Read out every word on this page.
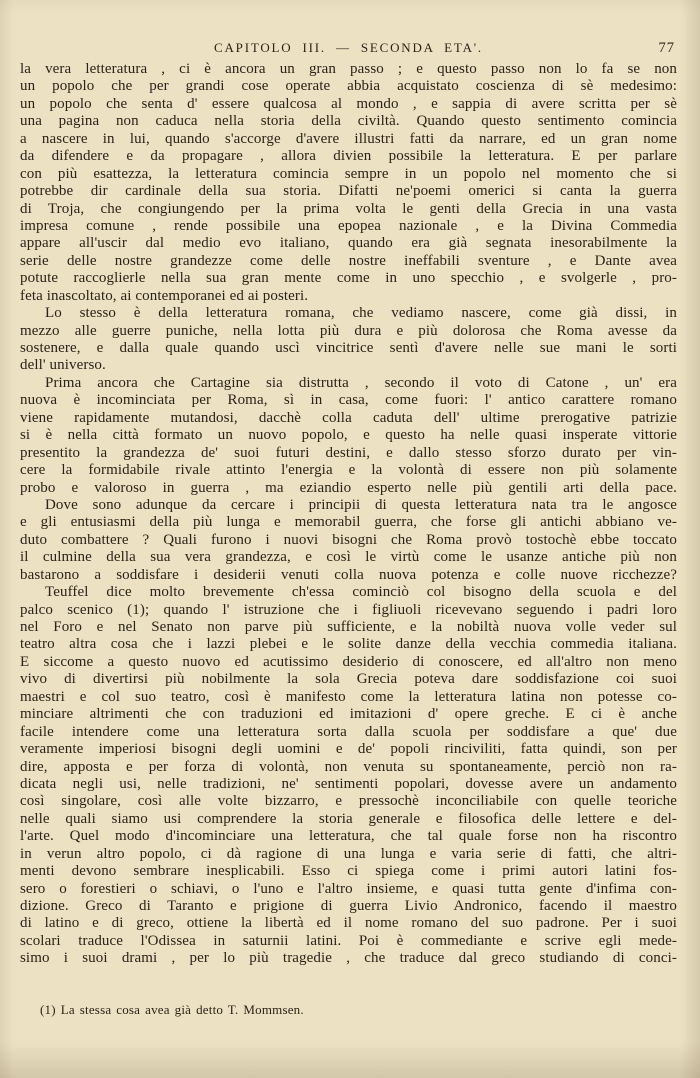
CAPITOLO III. — SECONDA ETA'.	77
la vera letteratura , ci è ancora un gran passo ; e questo passo non lo fa se non
un popolo che per grandi cose operate abbia acquistato coscienza di sè medesimo:
un popolo che senta d' essere qualcosa al mondo , e sappia di avere scritta per sè
una pagina non caduca nella storia della civiltà. Quando questo sentimento comincia
a nascere in lui, quando s'accorge d'avere illustri fatti da narrare, ed un gran nome
da difendere e da propagare , allora divien possibile la letteratura. E per parlare
con più esattezza, la letteratura comincia sempre in un popolo nel momento che si
potrebbe dir cardinale della sua storia. Difatti ne'poemi omerici si canta la guerra
di Troja, che congiungendo per la prima volta le genti della Grecia in una vasta
impresa comune , rende possibile una epopea nazionale , e la Divina Commedia
appare all'uscir dal medio evo italiano, quando era già segnata inesorabilmente la
serie delle nostre grandezze come delle nostre ineffabili sventure , e Dante avea
potute raccoglierle nella sua gran mente come in uno specchio , e svolgerle , pro-
feta inascoltato, ai contemporanei ed ai posteri.
Lo stesso è della letteratura romana, che vediamo nascere, come già dissi, in
mezzo alle guerre puniche, nella lotta più dura e più dolorosa che Roma avesse da
sostenere, e dalla quale quando uscì vincitrice sentì d'avere nelle sue mani le sorti
dell' universo.
Prima ancora che Cartagine sia distrutta , secondo il voto di Catone , un' era
nuova è incominciata per Roma, sì in casa, come fuori: l' antico carattere romano
viene rapidamente mutandosi, dacchè colla caduta dell' ultime prerogative patrizie
si è nella città formato un nuovo popolo, e questo ha nelle quasi insperate vittorie
presentito la grandezza de' suoi futuri destini, e dallo stesso sforzo durato per vin-
cere la formidabile rivale attinto l'energia e la volontà di essere non più solamente
probo e valoroso in guerra , ma eziandio esperto nelle più gentili arti della pace.
Dove sono adunque da cercare i principii di questa letteratura nata tra le angosce
e gli entusiasmi della più lunga e memorabil guerra, che forse gli antichi abbiano ve-
duto combattere ? Quali furono i nuovi bisogni che Roma provò tostochè ebbe toccato
il culmine della sua vera grandezza, e così le virtù come le usanze antiche più non
bastarono a soddisfare i desiderii venuti colla nuova potenza e colle nuove ricchezze?
Teuffel dice molto brevemente ch'essa cominciò col bisogno della scuola e del
palco scenico (1); quando l' istruzione che i figliuoli ricevevano seguendo i padri loro
nel Foro e nel Senato non parve più sufficiente, e la nobiltà nuova volle veder sul
teatro altra cosa che i lazzi plebei e le solite danze della vecchia commedia italiana.
E siccome a questo nuovo ed acutissimo desiderio di conoscere, ed all'altro non meno
vivo di divertirsi più nobilmente la sola Grecia poteva dare soddisfazione coi suoi
maestri e col suo teatro, così è manifesto come la letteratura latina non potesse co-
minciare altrimenti che con traduzioni ed imitazioni d' opere greche. E ci è anche
facile intendere come una letteratura sorta dalla scuola per soddisfare a que' due
veramente imperiosi bisogni degli uomini e de' popoli rinciviliti, fatta quindi, son per
dire, apposta e per forza di volontà, non venuta su spontaneamente, perciò non ra-
dicata negli usi, nelle tradizioni, ne' sentimenti popolari, dovesse avere un andamento
così singolare, così alle volte bizzarro, e pressochè inconciliabile con quelle teoriche
nelle quali siamo usi comprendere la storia generale e filosofica delle lettere e del-
l'arte. Quel modo d'incominciare una letteratura, che tal quale forse non ha riscontro
in verun altro popolo, ci dà ragione di una lunga e varia serie di fatti, che altri-
menti devono sembrare inesplicabili. Esso ci spiega come i primi autori latini fos-
sero o forestieri o schiavi, o l'uno e l'altro insieme, e quasi tutta gente d'infima con-
dizione. Greco di Taranto e prigione di guerra Livio Andronico, facendo il maestro
di latino e di greco, ottiene la libertà ed il nome romano del suo padrone. Per i suoi
scolari traduce l'Odissea in saturnii latini. Poi è commediante e scrive egli mede-
simo i suoi drami , per lo più tragedie , che traduce dal greco studiando di conci-
(1) La stessa cosa avea già detto T. Mommsen.
